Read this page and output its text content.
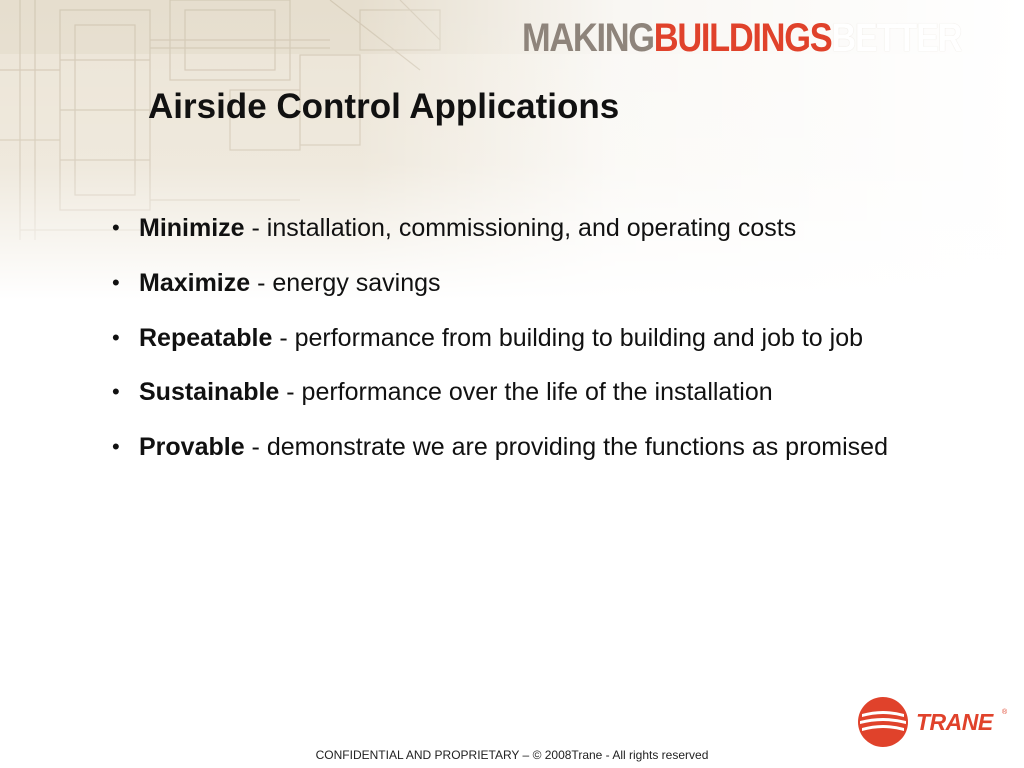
MAKINGBUILDINGSBETTER
Airside Control Applications
• Minimize - installation, commissioning, and operating costs
• Maximize - energy savings
• Repeatable - performance from building to building and job to job
• Sustainable - performance over the life of the installation
• Provable - demonstrate we are providing the functions as promised
TRANE ®
CONFIDENTIAL AND PROPRIETARY – © 2008Trane - All rights reserved
